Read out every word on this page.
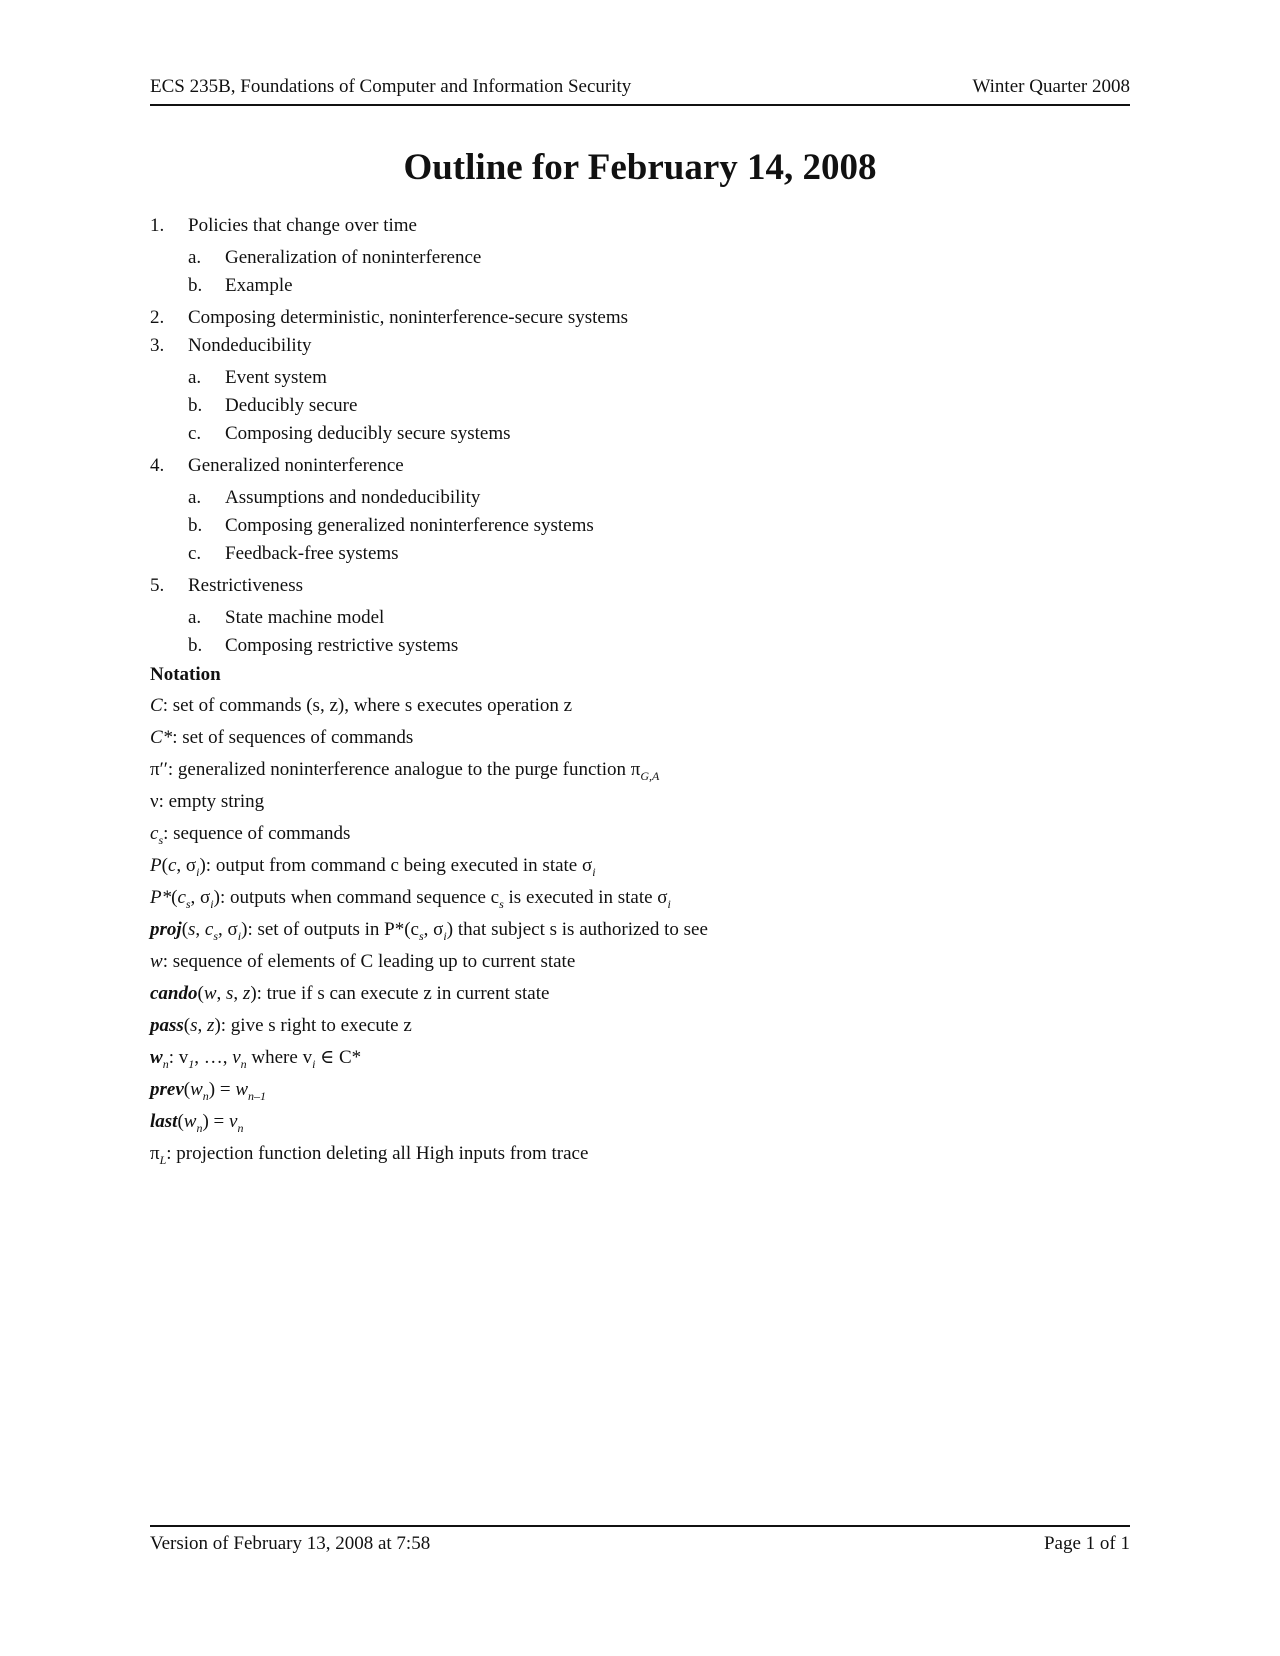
ECS 235B, Foundations of Computer and Information Security	Winter Quarter 2008
Outline for February 14, 2008
1.	Policies that change over time
a.	Generalization of noninterference
b.	Example
2.	Composing deterministic, noninterference-secure systems
3.	Nondeducibility
a.	Event system
b.	Deducibly secure
c.	Composing deducibly secure systems
4.	Generalized noninterference
a.	Assumptions and nondeducibility
b.	Composing generalized noninterference systems
c.	Feedback-free systems
5.	Restrictiveness
a.	State machine model
b.	Composing restrictive systems
Notation
C: set of commands (s, z), where s executes operation z
C*: set of sequences of commands
π′′: generalized noninterference analogue to the purge function $\pi_{G,A}$
ν: empty string
$c_s$: sequence of commands
P(c, $\sigma_i$): output from command c being executed in state $\sigma_i$
$P*(c_s$, $\sigma_i$): outputs when command sequence $c_s$ is executed in state $\sigma_i$
proj(s, $c_s$, $\sigma_i$): set of outputs in $P*(c_s$, $\sigma_i$) that subject s is authorized to see
w: sequence of elements of C leading up to current state
cando(w, s, z): true if s can execute z in current state
pass(s, z): give s right to execute z
$w_n$: $v_1$, …, $v_n$ where $v_i$ ∈ C*
$prev(w_n) = w_{n-1}$
$last(w_n) = v_n$
$\pi_L$: projection function deleting all High inputs from trace
Version of February 13, 2008 at 7:58	Page 1 of 1
